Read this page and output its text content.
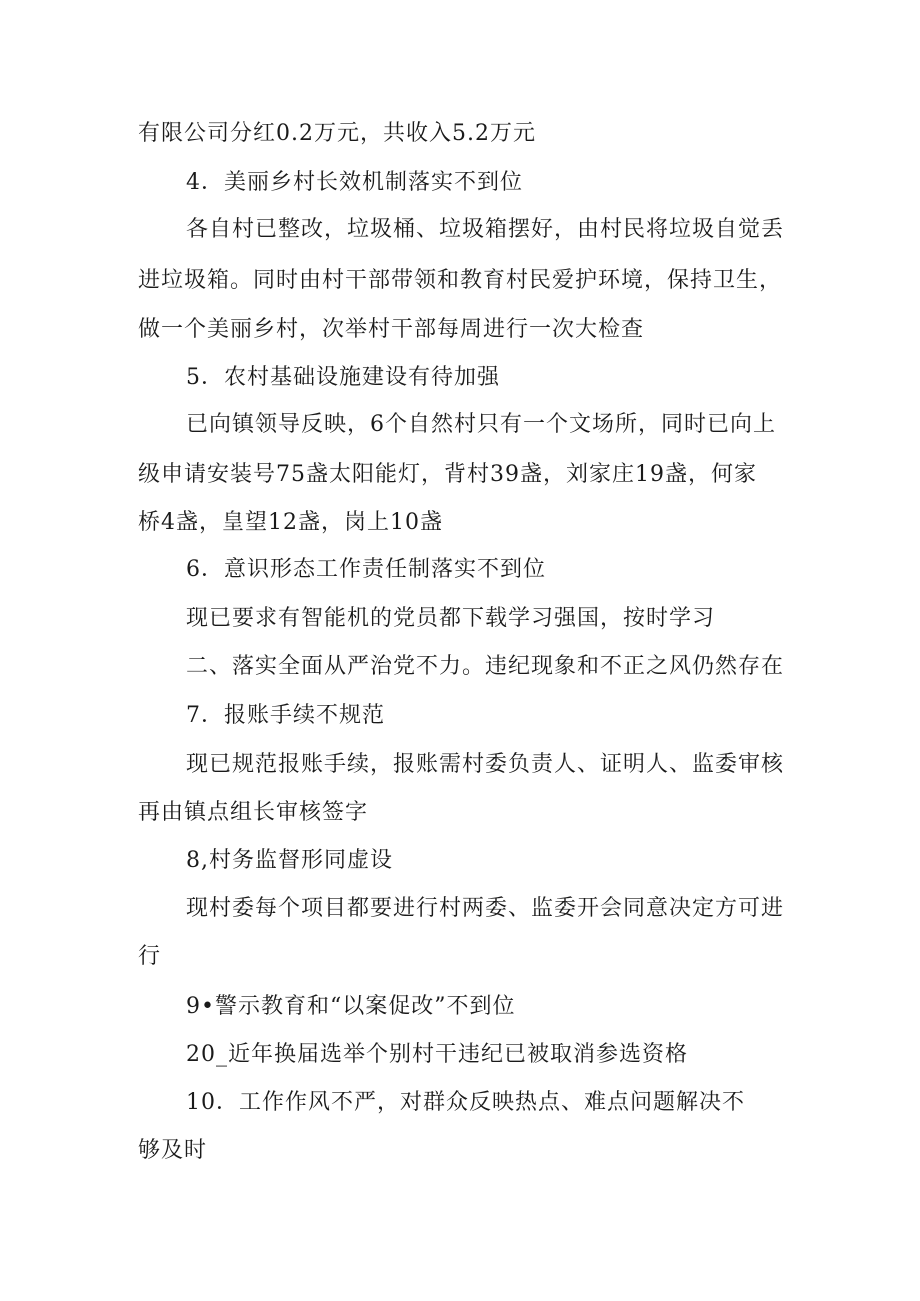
有限公司分红0.2万元，共收入5.2万元
4．美丽乡村长效机制落实不到位
各自村已整改，垃圾桶、垃圾箱摆好，由村民将垃圾自觉丢
进垃圾箱。同时由村干部带领和教育村民爱护环境，保持卫生，
做一个美丽乡村，次举村干部每周进行一次大检查
5．农村基础设施建设有待加强
已向镇领导反映，6个自然村只有一个文场所，同时已向上
级申请安装号75盏太阳能灯，背村39盏，刘家庄19盏，何家
桥4盏，皇望12盏，岗上10盏
6．意识形态工作责任制落实不到位
现已要求有智能机的党员都下载学习强国，按时学习
二、落实全面从严治党不力。违纪现象和不正之风仍然存在
7．报账手续不规范
现已规范报账手续，报账需村委负责人、证明人、监委审核
再由镇点组长审核签字
8,村务监督形同虚设
现村委每个项目都要进行村两委、监委开会同意决定方可进
行
9•警示教育和“以案促改”不到位
20_近年换届选举个别村干违纪已被取消参选资格
10．工作作风不严，对群众反映热点、难点问题解决不
够及时
